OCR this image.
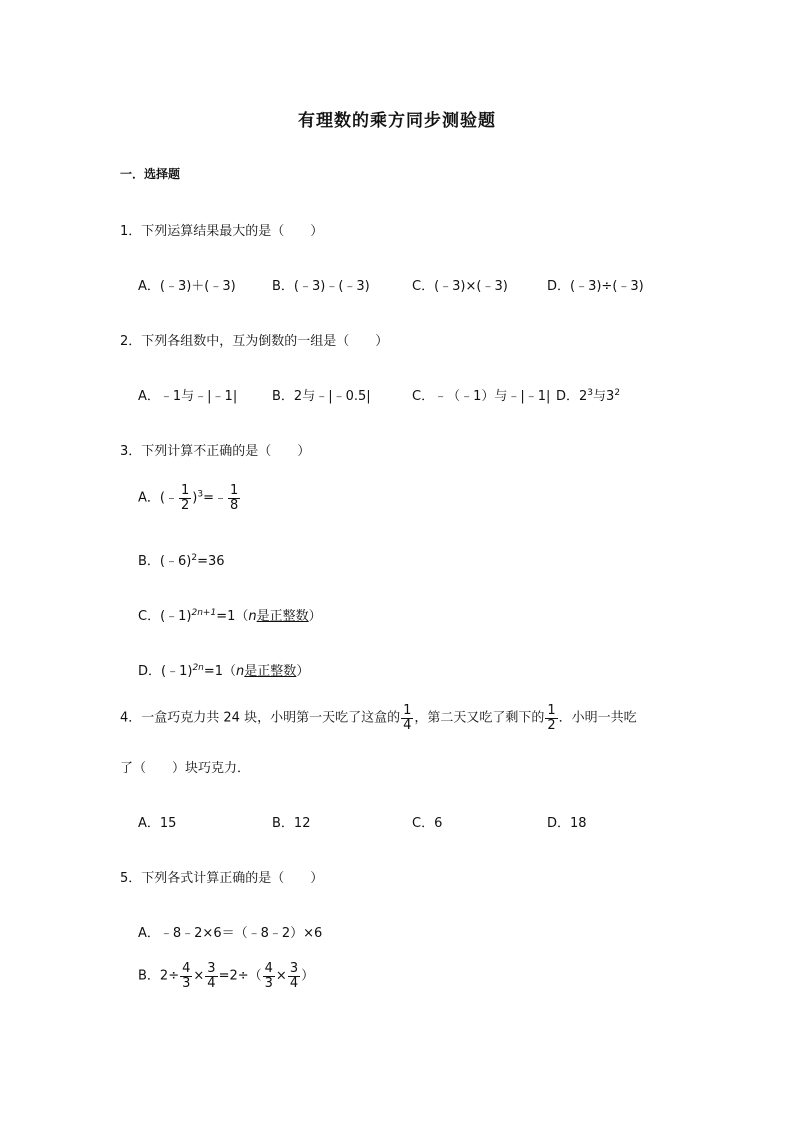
有理数的乘方同步测验题
一．选择题
1．下列运算结果最大的是（　　）
A．(﹣3)＋(﹣3)	B．(﹣3)﹣(﹣3)	C．(﹣3)×(﹣3)	D．(﹣3)÷(﹣3)
2．下列各组数中，互为倒数的一组是（　　）
A．﹣1与﹣|﹣1|	B．2与﹣|﹣0.5|	C．﹣（﹣1）与﹣|﹣1| D．$2^3$与$3^2$
3．下列计算不正确的是（　　）
A．(﹣ $\frac{1}{2}$ )$^3$=﹣ $\frac{1}{8}$
B．(﹣6)$^2$=36
C．(﹣1)$^{2n+1}$=1（n是正整数）
D．(﹣1)$^{2n}$=1（n是正整数）
4．一盒巧克力共 24 块，小明第一天吃了这盒的 $\frac{1}{4}$ ，第二天又吃了剩下的 $\frac{1}{2}$ ．小明一共吃
了（　　）块巧克力．
A．15	B．12	C．6	D．18
5．下列各式计算正确的是（　　）
A．﹣8﹣2×6＝（﹣8﹣2）×6
B．$2\div \frac{4}{3} \times \frac{3}{4} =2\div( \frac{4}{3} \times \frac{3}{4}$ ）
